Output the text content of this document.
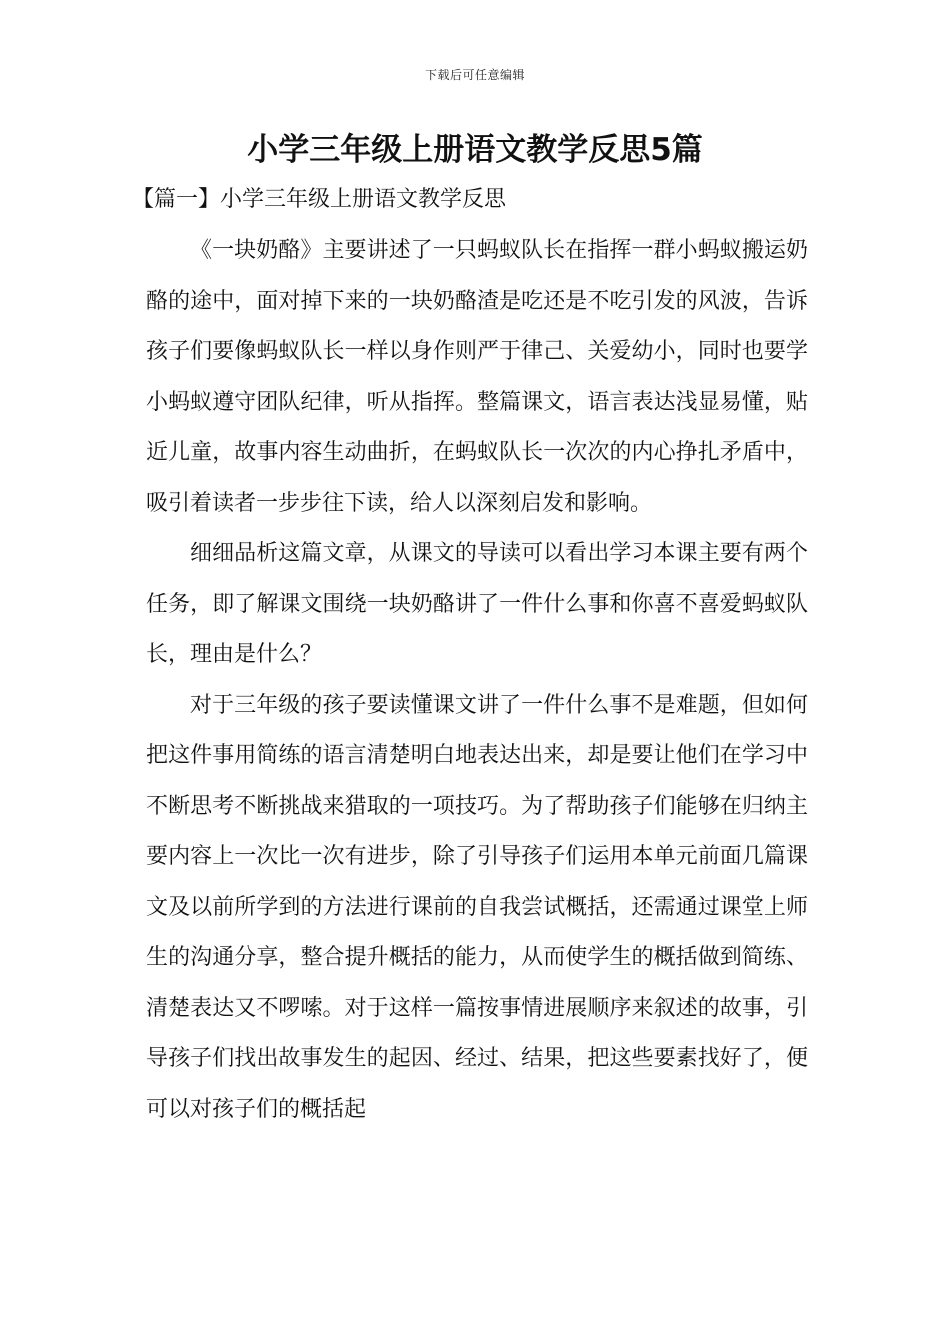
下载后可任意编辑
小学三年级上册语文教学反思5篇
【篇一】小学三年级上册语文教学反思

《一块奶酪》主要讲述了一只蚂蚁队长在指挥一群小蚂蚁搬运奶酪的途中，面对掉下来的一块奶酪渣是吃还是不吃引发的风波，告诉孩子们要像蚂蚁队长一样以身作则严于律己、关爱幼小，同时也要学小蚂蚁遵守团队纪律，听从指挥。整篇课文，语言表达浅显易懂，贴近儿童，故事内容生动曲折，在蚂蚁队长一次次的内心挣扎矛盾中，吸引着读者一步步往下读，给人以深刻启发和影响。

细细品析这篇文章，从课文的导读可以看出学习本课主要有两个任务，即了解课文围绕一块奶酪讲了一件什么事和你喜不喜爱蚂蚁队长，理由是什么？

对于三年级的孩子要读懂课文讲了一件什么事不是难题，但如何把这件事用简练的语言清楚明白地表达出来，却是要让他们在学习中不断思考不断挑战来猎取的一项技巧。为了帮助孩子们能够在归纳主要内容上一次比一次有进步，除了引导孩子们运用本单元前面几篇课文及以前所学到的方法进行课前的自我尝试概括，还需通过课堂上师生的沟通分享，整合提升概括的能力，从而使学生的概括做到简练、清楚表达又不啰嗦。对于这样一篇按事情进展顺序来叙述的故事，引导孩子们找出故事发生的起因、经过、结果，把这些要素找好了，便可以对孩子们的概括起
